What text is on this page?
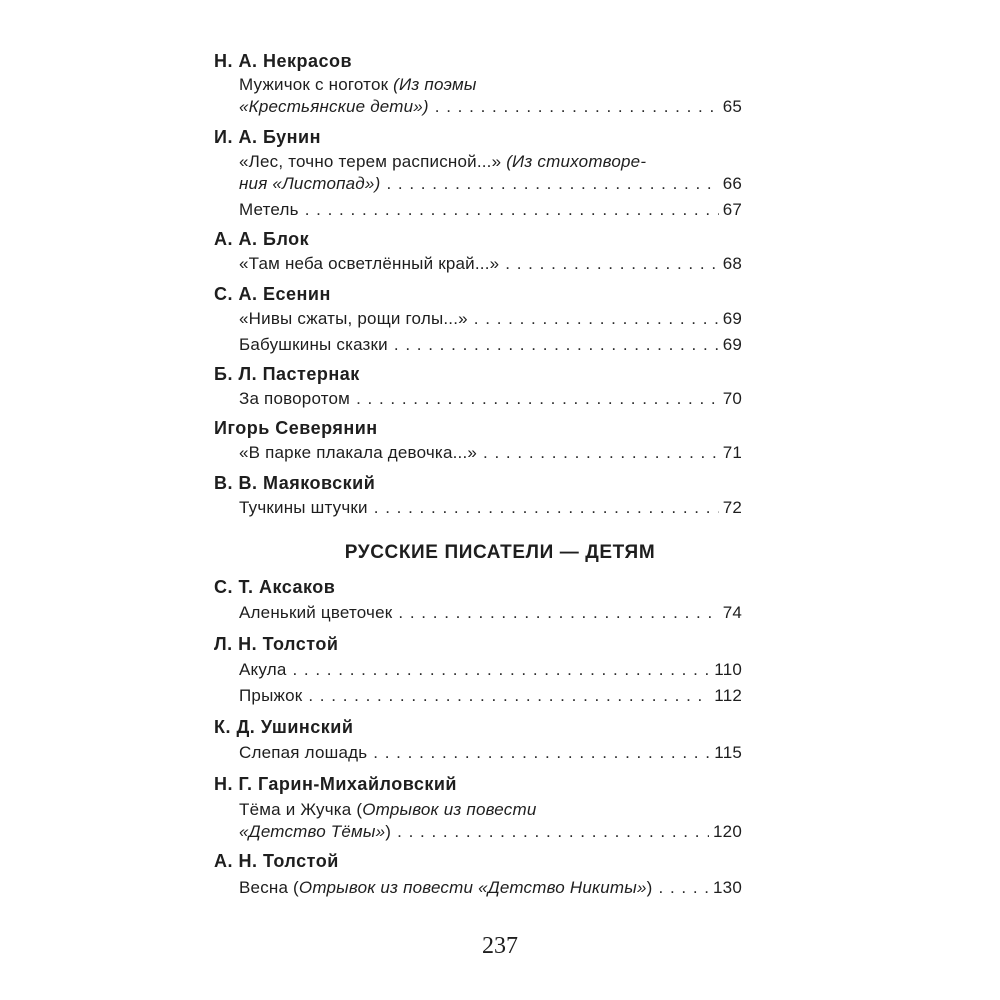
Н. А. Некрасов
Мужичок с ноготок (Из поэмы
«Крестьянские дети») . . .	65
И. А. Бунин
«Лес, точно терем расписной...» (Из стихотворе-
ния «Листопад») . . .	66
Метель . . .	67
А. А. Блок
«Там неба осветлённый край...» . . .	68
С. А. Есенин
«Нивы сжаты, рощи голы...» . . .	69
Бабушкины сказки . . .	69
Б. Л. Пастернак
За поворотом . . .	70
Игорь Северянин
«В парке плакала девочка...» . . .	71
В. В. Маяковский
Тучкины штучки . . .	72
РУССКИЕ ПИСАТЕЛИ — ДЕТЯМ
С. Т. Аксаков
Аленький цветочек . . .	74
Л. Н. Толстой
Акула . . .	110
Прыжок . . .	112
К. Д. Ушинский
Слепая лошадь . . .	115
Н. Г. Гарин-Михайловский
Тёма и Жучка (Отрывок из повести
«Детство Тёмы») . . .	120
А. Н. Толстой
Весна (Отрывок из повести «Детство Никиты») . . .	130
237
